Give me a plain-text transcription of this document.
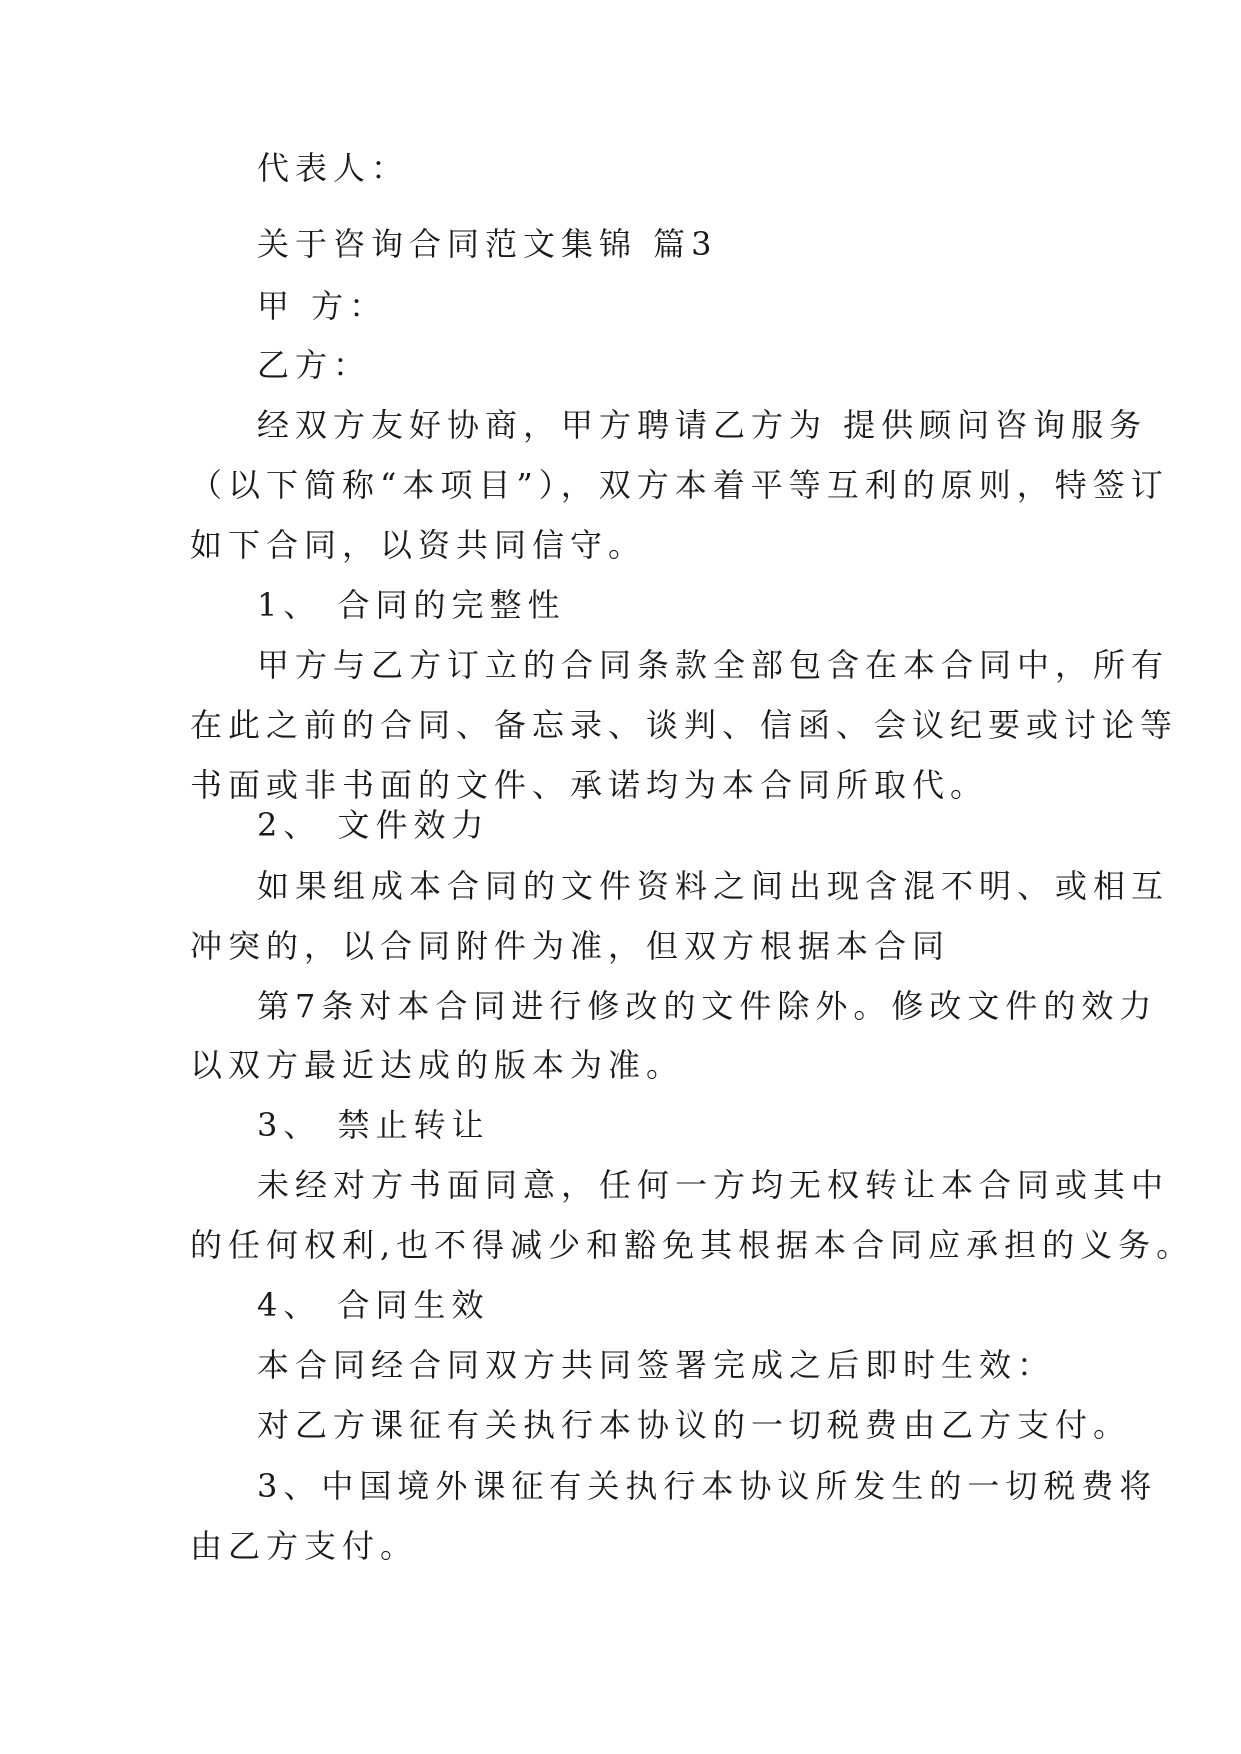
代表人：
关于咨询合同范文集锦 篇3
甲 方：
乙方：
经双方友好协商，甲方聘请乙方为 提供顾问咨询服务
（以下简称“本项目”），双方本着平等互利的原则，特签订
如下合同，以资共同信守。
1、 合同的完整性
甲方与乙方订立的合同条款全部包含在本合同中，所有
在此之前的合同、备忘录、谈判、信函、会议纪要或讨论等
书面或非书面的文件、承诺均为本合同所取代。
2、 文件效力
如果组成本合同的文件资料之间出现含混不明、或相互
冲突的，以合同附件为准，但双方根据本合同
第7条对本合同进行修改的文件除外。修改文件的效力
以双方最近达成的版本为准。
3、 禁止转让
未经对方书面同意，任何一方均无权转让本合同或其中
的任何权利,也不得减少和豁免其根据本合同应承担的义务。
4、 合同生效
本合同经合同双方共同签署完成之后即时生效：
对乙方课征有关执行本协议的一切税费由乙方支付。
3、中国境外课征有关执行本协议所发生的一切税费将
由乙方支付。
